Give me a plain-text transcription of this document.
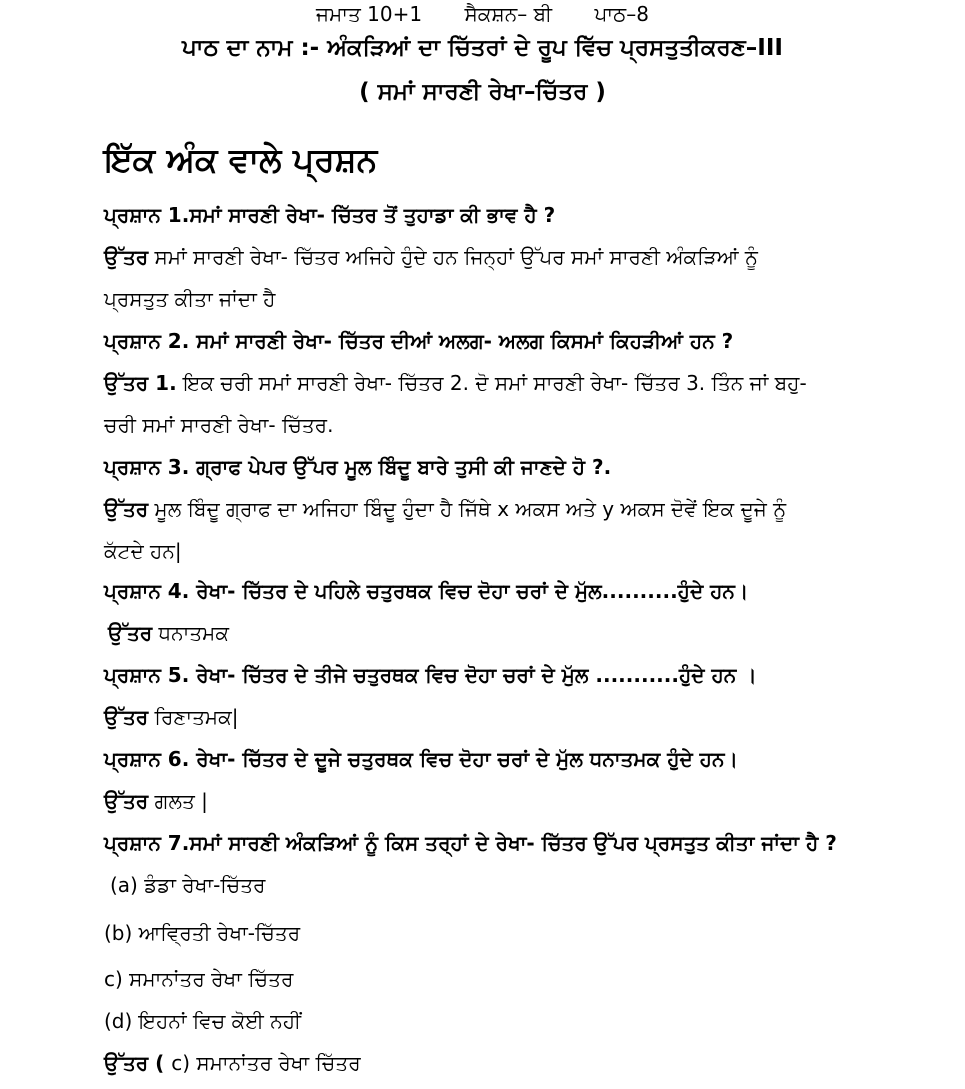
ਜਮਾਤ 10+1 ਸੈਕਸ਼ਨ– ਬੀ ਪਾਠ–8
ਪਾਠ ਦਾ ਨਾਮ :- ਅੰਕੜਿਆਂ ਦਾ ਚਿੱਤਰਾਂ ਦੇ ਰੂਪ ਵਿੱਚ ਪ੍ਰਸਤੁਤੀਕਰਣ–III
( ਸਮਾਂ ਸਾਰਣੀ ਰੇਖਾ–ਚਿੱਤਰ )
ਇੱਕ ਅੰਕ ਵਾਲੇ ਪ੍ਰਸ਼ਨ
ਪ੍ਰਸ਼ਾਨ 1.ਸਮਾਂ ਸਾਰਣੀ ਰੇਖਾ- ਚਿੱਤਰ ਤੋਂ ਤੁਹਾਡਾ ਕੀ ਭਾਵ ਹੈ ?
ਉੱਤਰ ਸਮਾਂ ਸਾਰਣੀ ਰੇਖਾ- ਚਿੱਤਰ ਅਜਿਹੇ ਹੁੰਦੇ ਹਨ ਜਿਨ੍ਹਾਂ ਉੱਪਰ ਸਮਾਂ ਸਾਰਣੀ ਅੰਕੜਿਆਂ ਨੂੰ
ਪ੍ਰਸਤੁਤ ਕੀਤਾ ਜਾਂਦਾ ਹੈ
ਪ੍ਰਸ਼ਾਨ 2. ਸਮਾਂ ਸਾਰਣੀ ਰੇਖਾ- ਚਿੱਤਰ ਦੀਆਂ ਅਲਗ- ਅਲਗ ਕਿਸਮਾਂ ਕਿਹੜੀਆਂ ਹਨ ?
ਉੱਤਰ 1. ਇਕ ਚਰੀ ਸਮਾਂ ਸਾਰਣੀ ਰੇਖਾ- ਚਿੱਤਰ 2. ਦੋ ਸਮਾਂ ਸਾਰਣੀ ਰੇਖਾ- ਚਿੱਤਰ 3. ਤਿੰਨ ਜਾਂ ਬਹੁ-
ਚਰੀ ਸਮਾਂ ਸਾਰਣੀ ਰੇਖਾ- ਚਿੱਤਰ.
ਪ੍ਰਸ਼ਾਨ 3. ਗ੍ਰਾਫ ਪੇਪਰ ਉੱਪਰ ਮੂਲ ਬਿੰਦੂ ਬਾਰੇ ਤੁਸੀ ਕੀ ਜਾਣਦੇ ਹੋ ?.
ਉੱਤਰ ਮੂਲ ਬਿੰਦੂ ਗ੍ਰਾਫ ਦਾ ਅਜਿਹਾ ਬਿੰਦੂ ਹੁੰਦਾ ਹੈ ਜਿੱਥੇ x ਅਕਸ ਅਤੇ y ਅਕਸ ਦੋਵੇਂ ਇਕ ਦੂਜੇ ਨੂੰ
ਕੱਟਦੇ ਹਨ|
ਪ੍ਰਸ਼ਾਨ 4. ਰੇਖਾ- ਚਿੱਤਰ ਦੇ ਪਹਿਲੇ ਚਤੁਰਥਕ ਵਿਚ ਦੋਹਾ ਚਰਾਂ ਦੇ ਮੁੱਲ..........ਹੁੰਦੇ ਹਨ।
ਉੱਤਰ ਧਨਾਤਮਕ
ਪ੍ਰਸ਼ਾਨ 5. ਰੇਖਾ- ਚਿੱਤਰ ਦੇ ਤੀਜੇ ਚਤੁਰਥਕ ਵਿਚ ਦੋਹਾ ਚਰਾਂ ਦੇ ਮੁੱਲ ...........ਹੁੰਦੇ ਹਨ ।
ਉੱਤਰ ਰਿਣਾਤਮਕ|
ਪ੍ਰਸ਼ਾਨ 6. ਰੇਖਾ- ਚਿੱਤਰ ਦੇ ਦੂਜੇ ਚਤੁਰਥਕ ਵਿਚ ਦੋਹਾ ਚਰਾਂ ਦੇ ਮੁੱਲ ਧਨਾਤਮਕ ਹੁੰਦੇ ਹਨ।
ਉੱਤਰ ਗਲਤ |
ਪ੍ਰਸ਼ਾਨ 7.ਸਮਾਂ ਸਾਰਣੀ ਅੰਕੜਿਆਂ ਨੂੰ ਕਿਸ ਤਰ੍ਹਾਂ ਦੇ ਰੇਖਾ- ਚਿੱਤਰ ਉੱਪਰ ਪ੍ਰਸਤੁਤ ਕੀਤਾ ਜਾਂਦਾ ਹੈ ?
(a) ਡੰਡਾ ਰੇਖਾ-ਚਿੱਤਰ
(b) ਆਵ੍ਰਿਤੀ ਰੇਖਾ-ਚਿੱਤਰ
c) ਸਮਾਨਾਂਤਰ ਰੇਖਾ ਚਿੱਤਰ
(d) ਇਹਨਾਂ ਵਿਚ ਕੋਈ ਨਹੀਂ
ਉੱਤਰ ( c) ਸਮਾਨਾਂਤਰ ਰੇਖਾ ਚਿੱਤਰ
